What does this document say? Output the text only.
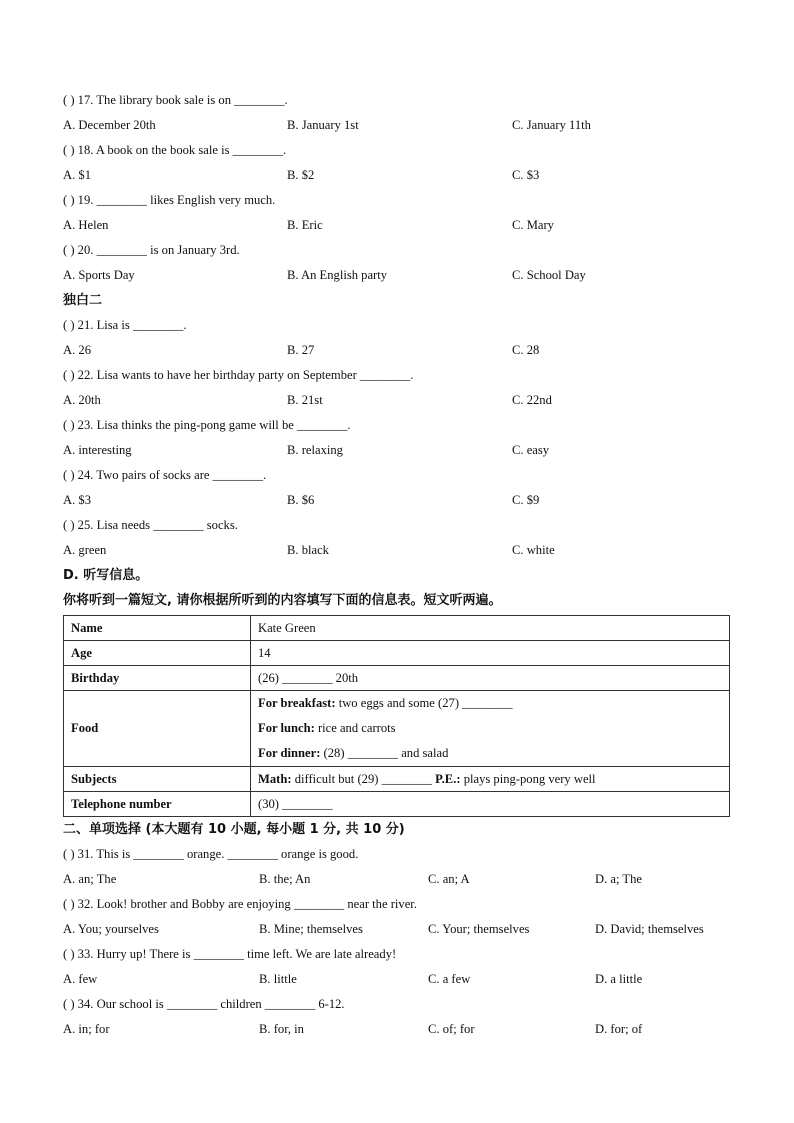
( ) 17. The library book sale is on ________.
A. December 20th	B. January 1st	C. January 11th
( ) 18. A book on the book sale is ________.
A. $1	B. $2	C. $3
( ) 19. ________ likes English very much.
A. Helen	B. Eric	C. Mary
( ) 20. ________ is on January 3rd.
A. Sports Day	B. An English party	C. School Day
独白二
( ) 21. Lisa is ________.
A. 26	B. 27	C. 28
( ) 22. Lisa wants to have her birthday party on September ________.
A. 20th	B. 21st	C. 22nd
( ) 23. Lisa thinks the ping-pong game will be ________.
A. interesting	B. relaxing	C. easy
( ) 24. Two pairs of socks are ________.
A. $3	B. $6	C. $9
( ) 25. Lisa needs ________ socks.
A. green	B. black	C. white
D. 听写信息。
你将听到一篇短文, 请你根据所听到的内容填写下面的信息表。短文听两遍。
Name	Kate Green
Age	14
Birthday	(26) ________ 20th
Food	For breakfast: two eggs and some (27) ________
For lunch: rice and carrots
For dinner: (28) ________ and salad

Subjects	Math: difficult but (29) ________ P.E.: plays ping-pong very well
Telephone number	(30) ________
二、单项选择 (本大题有 10 小题, 每小题 1 分, 共 10 分)
( ) 31. This is ________ orange. ________ orange is good.
A. an; The	B. the; An	C. an; A	D. a; The
( ) 32. Look! brother and Bobby are enjoying ________ near the river.
A. You; yourselves	B. Mine; themselves	C. Your; themselves	D. David; themselves
( ) 33. Hurry up! There is ________ time left. We are late already!
A. few	B. little	C. a few	D. a little
( ) 34. Our school is ________ children ________ 6-12.
A. in; for	B. for, in	C. of; for	D. for; of
